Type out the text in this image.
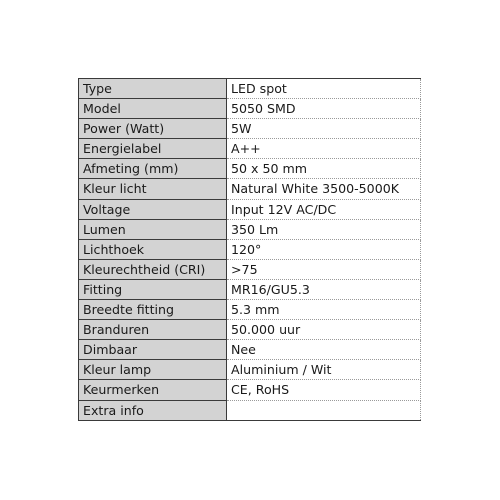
Type	LED spot
Model	5050 SMD
Power (Watt)	5W
Energielabel	A++
Afmeting (mm)	50 x 50 mm
Kleur licht	Natural White 3500-5000K
Voltage	Input 12V AC/DC
Lumen	350 Lm
Lichthoek	120°
Kleurechtheid (CRI)	>75
Fitting	MR16/GU5.3
Breedte fitting	5.3 mm
Branduren	50.000 uur
Dimbaar	Nee
Kleur lamp	Aluminium / Wit
Keurmerken	CE, RoHS
Extra info	
